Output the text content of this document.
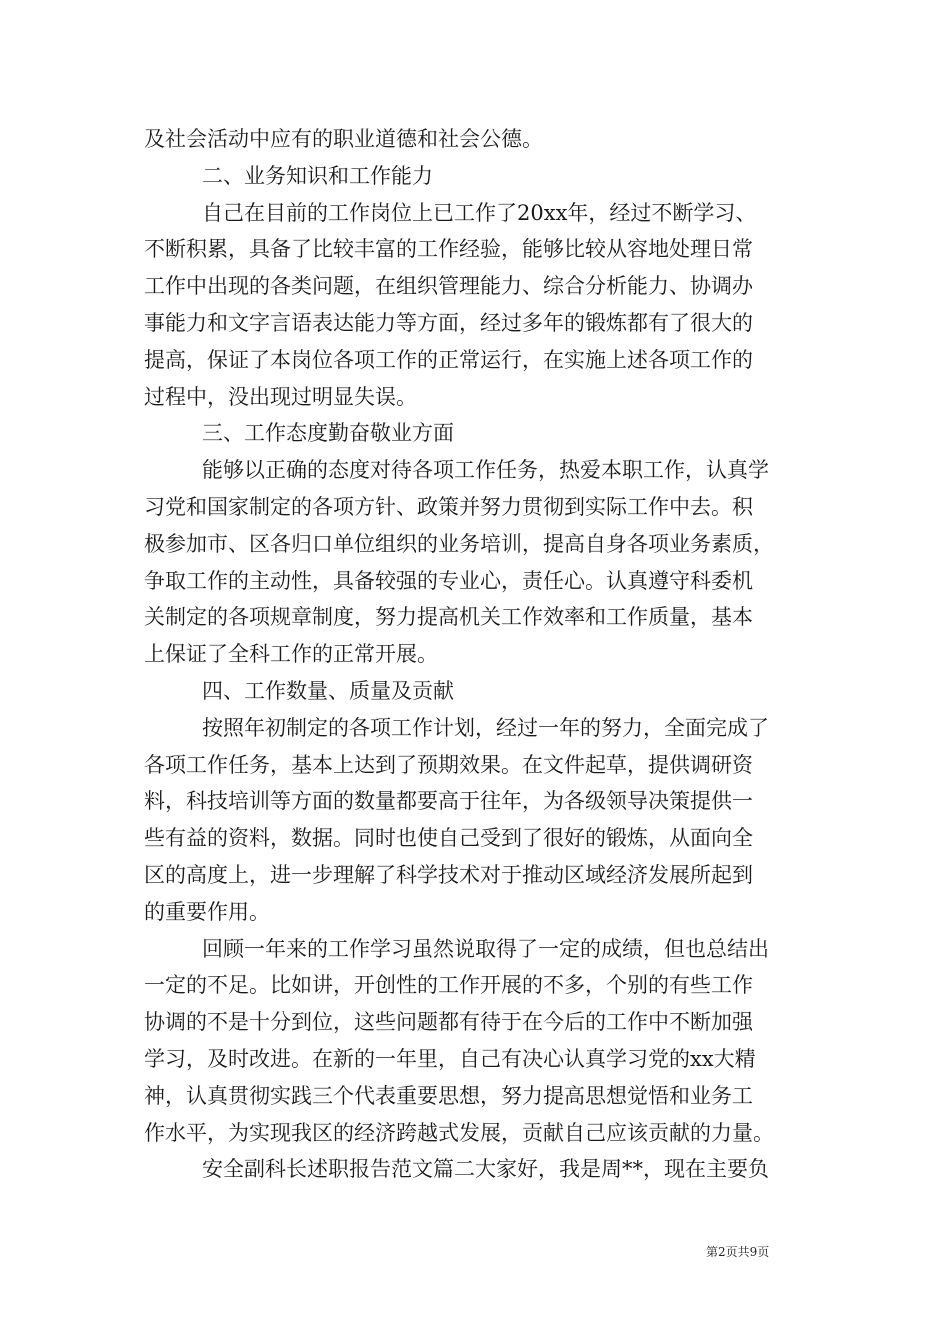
及社会活动中应有的职业道德和社会公德。
二、业务知识和工作能力
自己在目前的工作岗位上已工作了20xx年，经过不断学习、
不断积累，具备了比较丰富的工作经验，能够比较从容地处理日常
工作中出现的各类问题，在组织管理能力、综合分析能力、协调办
事能力和文字言语表达能力等方面，经过多年的锻炼都有了很大的
提高，保证了本岗位各项工作的正常运行，在实施上述各项工作的
过程中，没出现过明显失误。
三、工作态度勤奋敬业方面
能够以正确的态度对待各项工作任务，热爱本职工作，认真学
习党和国家制定的各项方针、政策并努力贯彻到实际工作中去。积
极参加市、区各归口单位组织的业务培训，提高自身各项业务素质，
争取工作的主动性，具备较强的专业心，责任心。认真遵守科委机
关制定的各项规章制度，努力提高机关工作效率和工作质量，基本
上保证了全科工作的正常开展。
四、工作数量、质量及贡献
按照年初制定的各项工作计划，经过一年的努力，全面完成了
各项工作任务，基本上达到了预期效果。在文件起草，提供调研资
料，科技培训等方面的数量都要高于往年，为各级领导决策提供一
些有益的资料，数据。同时也使自己受到了很好的锻炼，从面向全
区的高度上，进一步理解了科学技术对于推动区域经济发展所起到
的重要作用。
回顾一年来的工作学习虽然说取得了一定的成绩，但也总结出
一定的不足。比如讲，开创性的工作开展的不多，个别的有些工作
协调的不是十分到位，这些问题都有待于在今后的工作中不断加强
学习，及时改进。在新的一年里，自己有决心认真学习党的xx大精
神，认真贯彻实践三个代表重要思想，努力提高思想觉悟和业务工
作水平，为实现我区的经济跨越式发展，贡献自己应该贡献的力量。
安全副科长述职报告范文篇二大家好，我是周**，现在主要负
第2页共9页
